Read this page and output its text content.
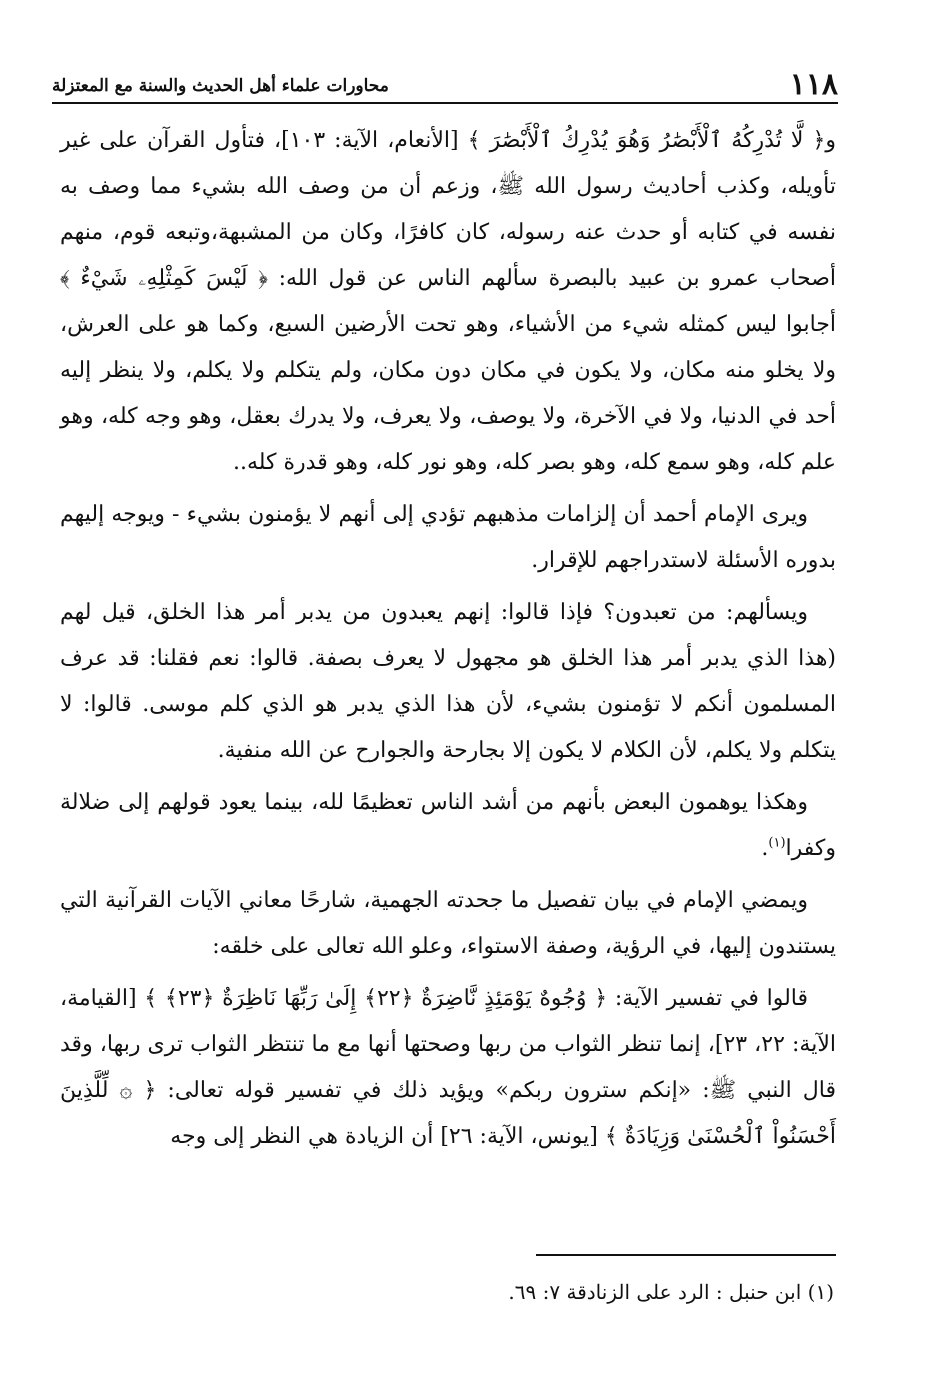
١١٨
محاورات علماء أهل الحديث والسنة مع المعتزلة

و﴿ لَّا تُدْرِكُهُ ٱلْأَبْصَٰرُ وَهُوَ يُدْرِكُ ٱلْأَبْصَٰرَ ﴾ [الأنعام، الآية: ١٠٣]، فتأول القرآن على غير تأويله، وكذب أحاديث رسول الله ﷺ، وزعم أن من وصف الله بشيء مما وصف به نفسه في كتابه أو حدث عنه رسوله، كان كافرًا، وكان من المشبهة،وتبعه قوم، منهم أصحاب عمرو بن عبيد بالبصرة سألهم الناس عن قول الله: ﴿ لَيْسَ كَمِثْلِهِۦ شَيْءٌ ﴾ أجابوا ليس كمثله شيء من الأشياء، وهو تحت الأرضين السبع، وكما هو على العرش، ولا يخلو منه مكان، ولا يكون في مكان دون مكان، ولم يتكلم ولا يكلم، ولا ينظر إليه أحد في الدنيا، ولا في الآخرة، ولا يوصف، ولا يعرف، ولا يدرك بعقل، وهو وجه كله، وهو علم كله، وهو سمع كله، وهو بصر كله، وهو نور كله، وهو قدرة كله..

ويرى الإمام أحمد أن إلزامات مذهبهم تؤدي إلى أنهم لا يؤمنون بشيء - ويوجه إليهم بدوره الأسئلة لاستدراجهم للإقرار.

ويسألهم: من تعبدون؟ فإذا قالوا: إنهم يعبدون من يدبر أمر هذا الخلق، قيل لهم (هذا الذي يدبر أمر هذا الخلق هو مجهول لا يعرف بصفة. قالوا: نعم فقلنا: قد عرف المسلمون أنكم لا تؤمنون بشيء، لأن هذا الذي يدبر هو الذي كلم موسى. قالوا: لا يتكلم ولا يكلم، لأن الكلام لا يكون إلا بجارحة والجوارح عن الله منفية.

وهكذا يوهمون البعض بأنهم من أشد الناس تعظيمًا لله، بينما يعود قولهم إلى ضلالة وكفرا$^{(١)}$.

ويمضي الإمام في بيان تفصيل ما جحدته الجهمية، شارحًا معاني الآيات القرآنية التي يستندون إليها، في الرؤية، وصفة الاستواء، وعلو الله تعالى على خلقه:

قالوا في تفسير الآية: ﴿ وُجُوهٌ يَوْمَئِذٍ نَّاضِرَةٌ ﴿٢٢﴾ إِلَىٰ رَبِّهَا نَاظِرَةٌ ﴿٢٣﴾ ﴾ [القيامة، الآية: ٢٢، ٢٣]، إنما تنظر الثواب من ربها وصحتها أنها مع ما تنتظر الثواب ترى ربها، وقد قال النبي ﷺ: «إنكم سترون ربكم» ويؤيد ذلك في تفسير قوله تعالى: ﴿ ۞ لِّلَّذِينَ أَحْسَنُواْ ٱلْحُسْنَىٰ وَزِيَادَةٌ ﴾ [يونس، الآية: ٢٦] أن الزيادة هي النظر إلى وجه

(١) ابن حنبل : الرد على الزنادقة ٧: ٦٩.
